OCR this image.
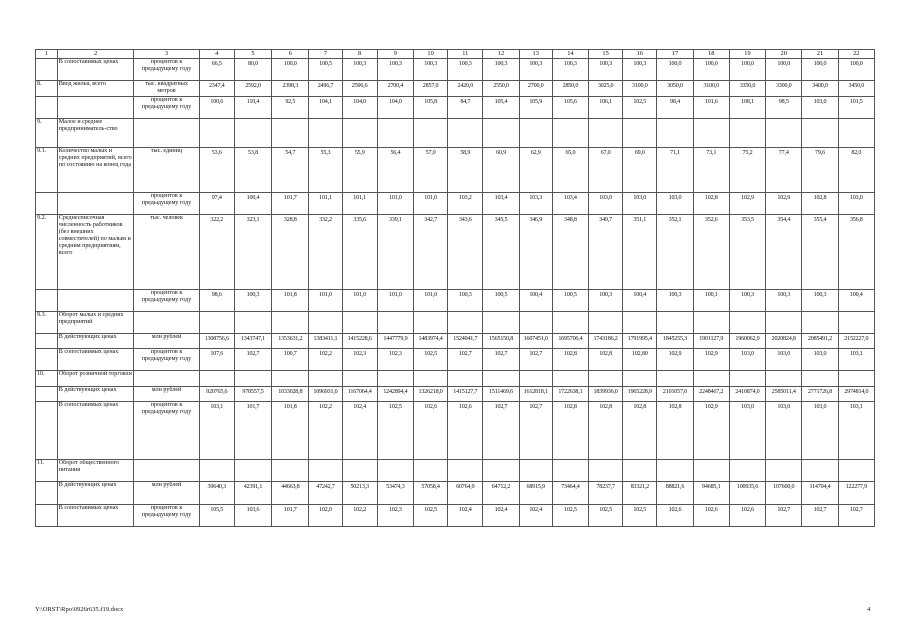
1	2	3	4	5	6	7	8	9	10	11	12	13	14	15	16	17	18	19	20	21	22
	В сопоставимых ценах	процентов к предыдущему году	66,5	80,0	100,0	100,5	100,3	100,3	100,3	100,3	100,3	100,3	100,3	100,3	100,3	100,0	100,0	100,0	100,0	100,0	100,0
8.	Ввод жилья, всего	тыс. квадратных метров	2347,4	2592,0	2398,3	2496,7	2596,6	2700,4	2857,0	2420,0	2550,0	2700,0	2850,0	3025,0	3100,0	3050,0	3100,0	3350,0	3300,0	3400,0	3450,0
		процентов к предыдущему году	100,6	110,4	92,5	104,1	104,0	104,0	105,8	84,7	105,4	105,9	105,6	106,1	102,5	98,4	101,6	108,1	98,5	103,0	101,5
9.	Малое и среднее предприниматель-ство																				
9.1.	Количество малых и средних предприятий, всего по состоянию на конец года	тыс. единиц	53,6	53,8	54,7	55,3	55,9	56,4	57,0	58,9	60,9	62,9	65,0	67,0	69,0	71,1	73,1	75,2	77,4	79,6	82,0
		процентов к предыдущему году	97,4	100,4	101,7	101,1	101,1	101,0	101,0	103,2	103,4	103,3	103,4	103,0	103,0	103,0	102,8	102,9	102,9	102,8	103,0
9.2.	Среднесписочная численность работников (без внешних совместителей) по малым и средним предприятиям, всего	тыс. человек	322,2	323,1	328,8	332,2	335,6	339,1	342,7	343,6	345,5	346,9	348,8	349,7	351,1	352,1	352,6	353,5	354,4	355,4	356,8
		процентов к предыдущему году	98,6	100,3	101,8	101,0	101,0	101,0	101,0	100,3	100,5	100,4	100,5	100,3	100,4	100,3	100,1	100,3	100,3	100,3	100,4
9.3.	Оборот малых и средних предприятий																				
	В действующих ценах	млн рублей	1308756,6	1343747,1	1353631,2	1383411,1	1415228,6	1447779,9	1483974,4	1524041,7	1565150,8	1607451,0	1695706,4	1743186,2	1791995,4	1845255,3	1901127,9	1960062,9	2020824,8	2085491,2	2152227,0
	В сопоставимых ценах	процентов к предыдущему году	107,6	102,7	100,7	102,2	102,3	102,3	102,5	102,7	102,7	102,7	102,8	102,8	102,80	102,9	102,9	103,0	103,0	103,0	103,1
10.	Оборот розничной торговли																				
	В действующих ценах	млн рублей	920765,6	978557,5	1033028,8	1096931,0	1167064,4	1242894,4	1326218,0	1415127,7	1511469,6	1612818,1	1722638,1	1839936,0	1965228,9	2101057,0	2248467,2	2410874,0	2585011,4	2771726,8	2974814,0
	В сопоставимых ценах	процентов к предыдущему году	103,1	101,7	101,8	102,2	102,4	102,5	102,6	102,6	102,7	102,7	102,8	102,8	102,8	102,8	102,9	103,0	103,0	103,0	103,1
11.	Оборот общественного питания																				
	В действующих ценах	млн рублей	39640,3	42391,1	44663,8	47242,7	50213,3	53474,3	57058,4	60764,9	64712,2	68915,9	73464,4	78237,7	83321,2	88821,6	94685,1	100935,6	107600,0	114704,4	122277,9
	В сопоставимых ценах	процентов к предыдущему году	105,5	103,6	101,7	102,0	102,2	102,3	102,5	102,4	102,4	102,4	102,5	102,5	102,5	102,6	102,6	102,6	102,7	102,7	102,7
Y:\ORST\Rpo\0926r635.f19.docx	4
